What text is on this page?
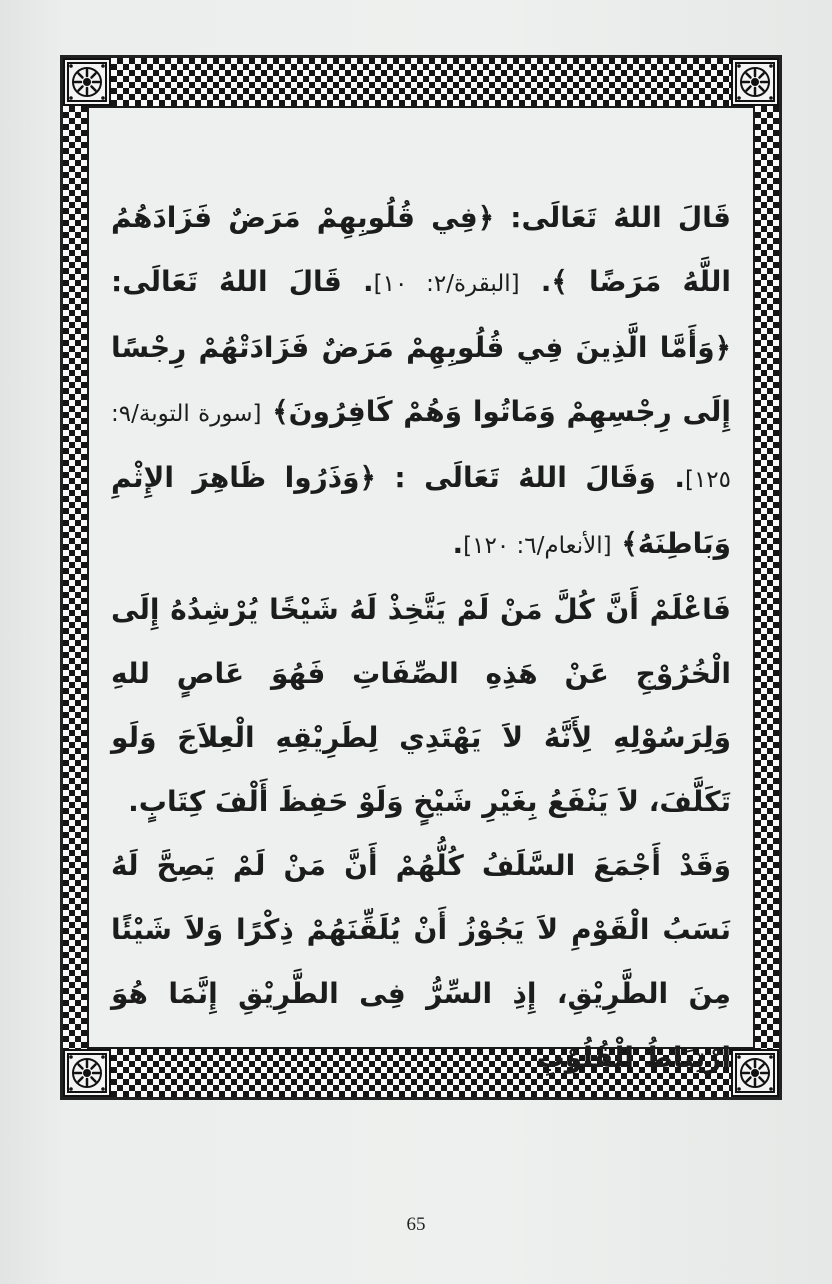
قَالَ اللهُ تَعَالَى: ﴿فِي قُلُوبِهِمْ مَرَضٌ فَزَادَهُمُ اللَّهُ مَرَضًا ﴾. [البقرة/٢: ١٠]. قَالَ اللهُ تَعَالَى: ﴿وَأَمَّا الَّذِينَ فِي قُلُوبِهِمْ مَرَضٌ فَزَادَتْهُمْ رِجْسًا إِلَى رِجْسِهِمْ وَمَاتُوا وَهُمْ كَافِرُونَ﴾ [سورة التوبة/٩: ١٢٥]. وَقَالَ اللهُ تَعَالَى : ﴿وَذَرُوا ظَاهِرَ الإِثْمِ وَبَاطِنَهُ﴾ [الأنعام/٦: ١٢٠].

فَاعْلَمْ أَنَّ كُلَّ مَنْ لَمْ يَتَّخِذْ لَهُ شَيْخًا يُرْشِدُهُ إِلَى الْخُرُوْجِ عَنْ هَذِهِ الصِّفَاتِ فَهُوَ عَاصٍ للهِ وَلِرَسُوْلِهِ لِأَنَّهُ لاَ يَهْتَدِي لِطَرِيْقِهِ الْعِلاَجَ وَلَو تَكَلَّفَ، لاَ يَنْفَعُ بِغَيْرِ شَيْخٍ وَلَوْ حَفِظَ أَلْفَ كِتَابٍ.

وَقَدْ أَجْمَعَ السَّلَفُ كُلُّهُمْ أَنَّ مَنْ لَمْ يَصِحَّ لَهُ نَسَبُ الْقَوْمِ لاَ يَجُوْزُ أَنْ يُلَقِّنَهُمْ ذِكْرًا وَلاَ شَيْئًا مِنَ الطَّرِيْقِ، إِذِ السِّرُّ فِى الطَّرِيْقِ إِنَّمَا هُوَ ارْتِبَاطُ الْقُلُوْبِ

65
